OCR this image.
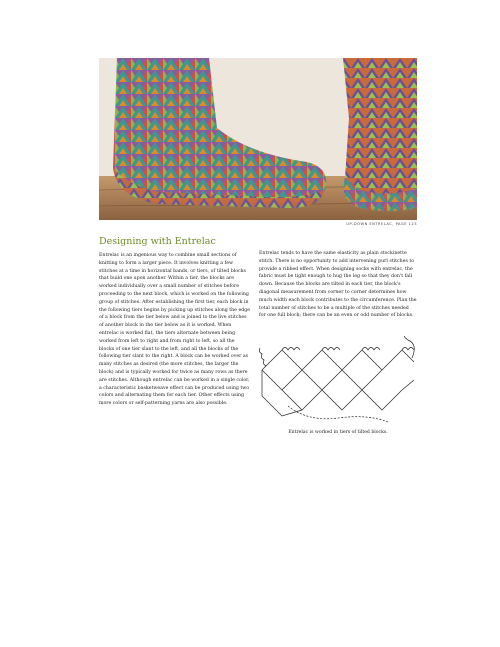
UP-DOWN ENTRELAC, PAGE 123
Designing with Entrelac

Entrelac is an ingenious way to combine small sections of knitting to form a larger piece. It involves knitting a few stitches at a time in horizontal bands, or tiers, of tilted blocks that build one upon another. Within a tier, the blocks are worked individually over a small number of stitches before proceeding to the next block, which is worked on the following group of stitches. After establishing the first tier, each block in the following tiers begins by picking up stitches along the edge of a block from the tier below and is joined to the live stitches of another block in the tier below as it is worked. When entrelac is worked flat, the tiers alternate between being worked from left to right and from right to left, so all the blocks of one tier slant to the left, and all the blocks of the following tier slant to the right. A block can be worked over as many stitches as desired (the more stitches, the larger the block) and is typically worked for twice as many rows as there are stitches. Although entrelac can be worked in a single color, a characteristic basketweave effect can be produced using two colors and alternating them for each tier. Other effects using more colors or self-patterning yarns are also possible.

Entrelac tends to have the same elasticity as plain stockinette stitch. There is no opportunity to add intervening purl stitches to provide a ribbed effect. When designing socks with entrelac, the fabric must be tight enough to hug the leg so that they don't fall down. Because the blocks are tilted in each tier, the block's diagonal measurement from corner to corner determines how much width each block contributes to the circumference. Plan the total number of stitches to be a multiple of the stitches needed for one full block; there can be an even or odd number of blocks.

Entrelac is worked in tiers of tilted blocks.
